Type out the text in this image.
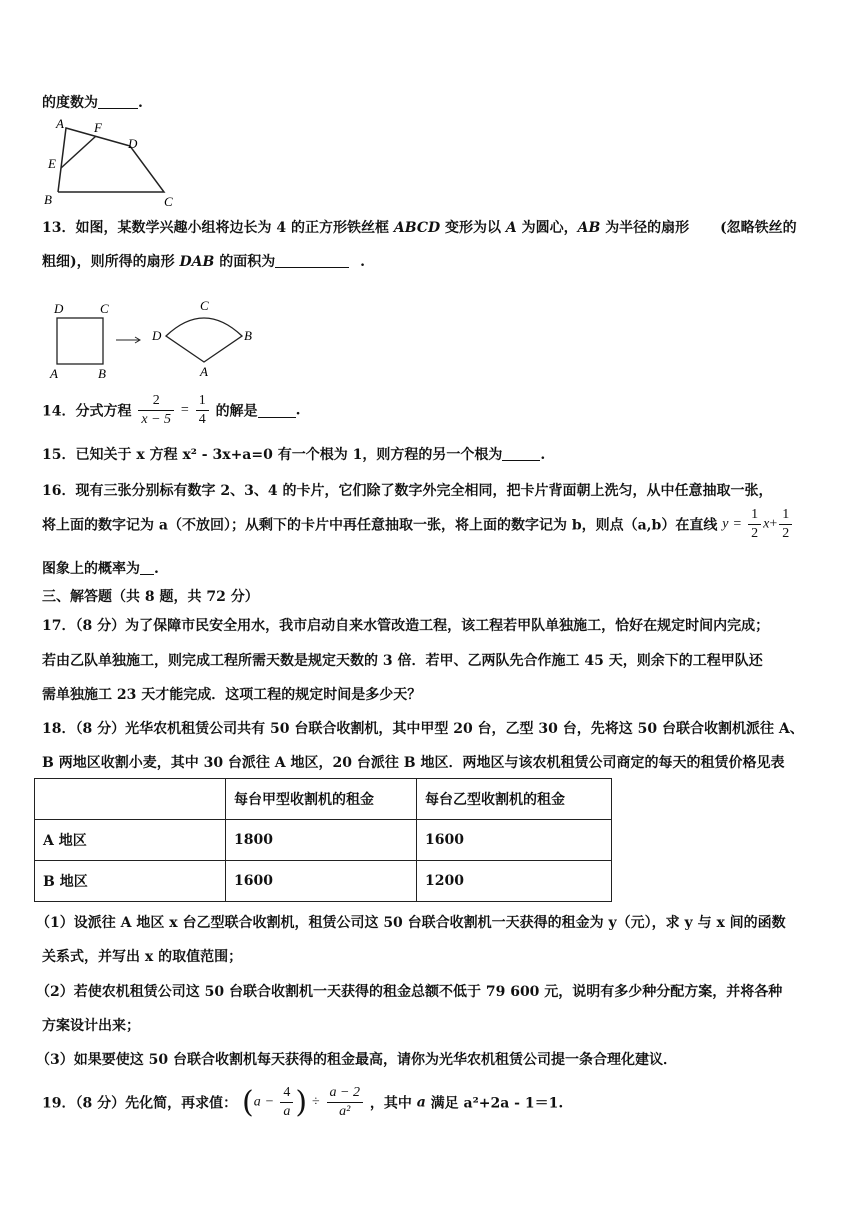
的度数为	.
A F
D
E
B	C
13．如图，某数学兴趣小组将边长为 4 的正方形铁丝框 ABCD 变形为以 A 为圆心，AB 为半径的扇形 (忽略铁丝的
粗细)，则所得的扇形 DAB 的面积为	.
D	C
A	B
C
D	B
A
14．分式方程 $\frac{2}{x - 5} = \frac{1}{4}$ 的解是	.
15．已知关于 x 方程 x² - 3x+a=0 有一个根为 1，则方程的另一个根为	.
16．现有三张分别标有数字 2、3、4 的卡片，它们除了数字外完全相同，把卡片背面朝上洗匀，从中任意抽取一张，
将上面的数字记为 a（不放回）；从剩下的卡片中再任意抽取一张，将上面的数字记为 b，则点（a,b）在直线 $y = \frac{1}{2} x+ \frac{1}{2}$
图象上的概率为 .
三、解答题（共 8 题，共 72 分）
17．（8 分）为了保障市民安全用水，我市启动自来水管改造工程，该工程若甲队单独施工，恰好在规定时间内完成；
若由乙队单独施工，则完成工程所需天数是规定天数的 3 倍．若甲、乙两队先合作施工 45 天，则余下的工程甲队还
需单独施工 23 天才能完成．这项工程的规定时间是多少天？
18．（8 分）光华农机租赁公司共有 50 台联合收割机，其中甲型 20 台，乙型 30 台，先将这 50 台联合收割机派往 A、
B 两地区收割小麦，其中 30 台派往 A 地区，20 台派往 B 地区．两地区与该农机租赁公司商定的每天的租赁价格见表
	每台甲型收割机的租金	每台乙型收割机的租金
A 地区	1800	1600
B 地区	1600	1200
（1）设派往 A 地区 x 台乙型联合收割机，租赁公司这 50 台联合收割机一天获得的租金为 y（元），求 y 与 x 间的函数
关系式，并写出 x 的取值范围；
（2）若使农机租赁公司这 50 台联合收割机一天获得的租金总额不低于 79 600 元，说明有多少种分配方案，并将各种
方案设计出来；
（3）如果要使这 50 台联合收割机每天获得的租金最高，请你为光华农机租赁公司提一条合理化建议．
19．（8 分）先化简，再求值： ($a - \frac{4}{a}$ ) ÷ $\frac{a - 2}{\text{a²}}$ ，其中 a 满足 a²+2a - 1＝1.
